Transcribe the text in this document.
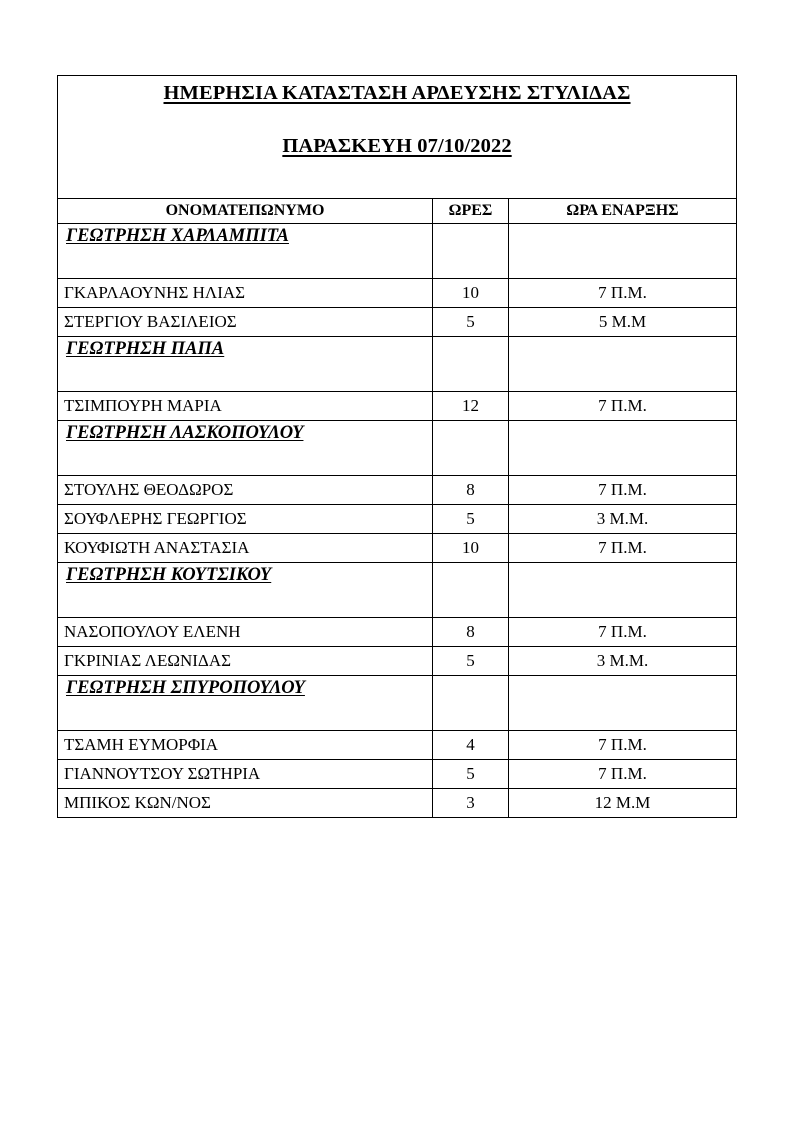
ΗΜΕΡΗΣΙΑ ΚΑΤΑΣΤΑΣΗ ΑΡΔΕΥΣΗΣ ΣΤΥΛΙΔΑΣ
ΠΑΡΑΣΚΕΥΗ 07/10/2022		
ΟΝΟΜΑΤΕΠΩΝΥΜΟ	ΩΡΕΣ	ΩΡΑ ΕΝΑΡΞΗΣ

ΓΕΩΤΡΗΣΗ ΧΑΡΛΑΜΠΙΤΑ		

ΓΚΑΡΛΑΟΥΝΗΣ ΗΛΙΑΣ	10	7 Π.Μ.
ΣΤΕΡΓΙΟΥ ΒΑΣΙΛΕΙΟΣ	5	5 Μ.Μ

ΓΕΩΤΡΗΣΗ ΠΑΠΑ		

ΤΣΙΜΠΟΥΡΗ ΜΑΡΙΑ	12	7 Π.Μ.

ΓΕΩΤΡΗΣΗ ΛΑΣΚΟΠΟΥΛΟΥ		

ΣΤΟΥΛΗΣ ΘΕΟΔΩΡΟΣ	8	7 Π.Μ.
ΣΟΥΦΛΕΡΗΣ ΓΕΩΡΓΙΟΣ	5	3 Μ.Μ.
ΚΟΥΦΙΩΤΗ ΑΝΑΣΤΑΣΙΑ	10	7 Π.Μ.

ΓΕΩΤΡΗΣΗ ΚΟΥΤΣΙΚΟΥ		

ΝΑΣΟΠΟΥΛΟΥ ΕΛΕΝΗ	8	7 Π.Μ.
ΓΚΡΙΝΙΑΣ ΛΕΩΝΙΔΑΣ	5	3 Μ.Μ.

ΓΕΩΤΡΗΣΗ ΣΠΥΡΟΠΟΥΛΟΥ		

ΤΣΑΜΗ ΕΥΜΟΡΦΙΑ	4	7 Π.Μ.
ΓΙΑΝΝΟΥΤΣΟΥ ΣΩΤΗΡΙΑ	5	7 Π.Μ.
ΜΠΙΚΟΣ ΚΩΝ/ΝΟΣ	3	12 Μ.Μ
